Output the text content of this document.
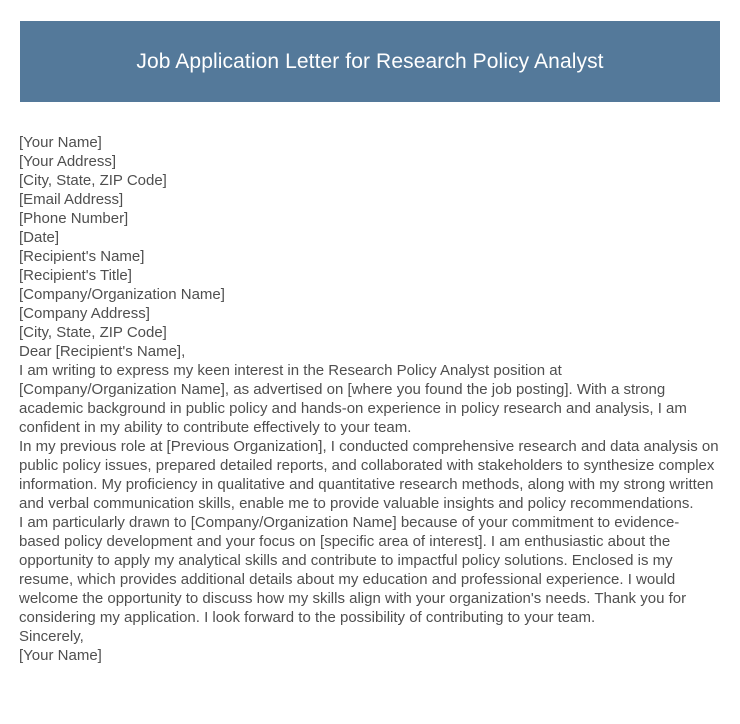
Job Application Letter for Research Policy Analyst

[Your Name]

[Your Address]

[City, State, ZIP Code]

[Email Address]

[Phone Number]

[Date]

[Recipient's Name]

[Recipient's Title]

[Company/Organization Name]

[Company Address]

[City, State, ZIP Code]

Dear [Recipient's Name],

I am writing to express my keen interest in the Research Policy Analyst position at [Company/Organization Name], as advertised on [where you found the job posting]. With a strong academic background in public policy and hands-on experience in policy research and analysis, I am confident in my ability to contribute effectively to your team.

In my previous role at [Previous Organization], I conducted comprehensive research and data analysis on public policy issues, prepared detailed reports, and collaborated with stakeholders to synthesize complex information. My proficiency in qualitative and quantitative research methods, along with my strong written and verbal communication skills, enable me to provide valuable insights and policy recommendations.

I am particularly drawn to [Company/Organization Name] because of your commitment to evidence-based policy development and your focus on [specific area of interest]. I am enthusiastic about the opportunity to apply my analytical skills and contribute to impactful policy solutions. Enclosed is my resume, which provides additional details about my education and professional experience. I would welcome the opportunity to discuss how my skills align with your organization's needs. Thank you for considering my application. I look forward to the possibility of contributing to your team.

Sincerely,

[Your Name]
